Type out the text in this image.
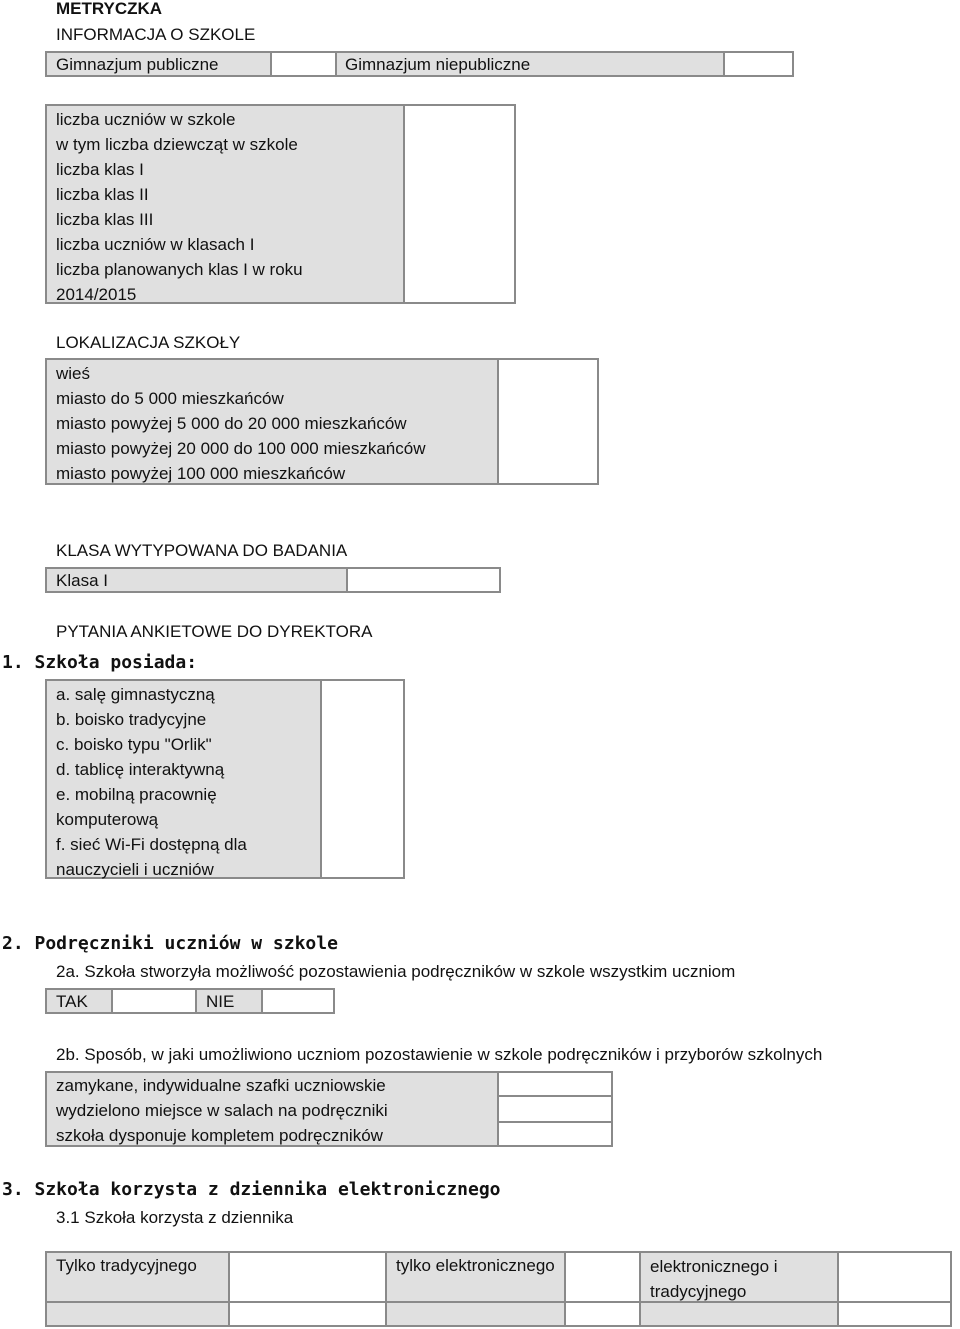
METRYCZKA
INFORMACJA O SZKOLE
Gimnazjum publiczne	Gimnazjum niepubliczne
liczba uczniów w szkole
w tym liczba dziewcząt w szkole
liczba klas I
liczba klas II
liczba klas III
liczba uczniów w klasach I
liczba planowanych klas I w roku
2014/2015
LOKALIZACJA SZKOŁY
wieś
miasto do 5 000 mieszkańców
miasto powyżej 5 000 do 20 000 mieszkańców
miasto powyżej 20 000 do 100 000 mieszkańców
miasto powyżej 100 000 mieszkańców
KLASA WYTYPOWANA DO BADANIA
Klasa I
PYTANIA ANKIETOWE DO DYREKTORA
1. Szkoła posiada:
a. salę gimnastyczną
b. boisko tradycyjne
c. boisko typu "Orlik"
d. tablicę interaktywną
e. mobilną pracownię
komputerową
f. sieć Wi-Fi dostępną dla
nauczycieli i uczniów
2. Podręczniki uczniów w szkole
2a. Szkoła stworzyła możliwość pozostawienia podręczników w szkole wszystkim uczniom
TAK	NIE
2b. Sposób, w jaki umożliwiono uczniom pozostawienie w szkole podręczników i przyborów szkolnych
zamykane, indywidualne szafki uczniowskie
wydzielono miejsce w salach na podręczniki
szkoła dysponuje kompletem podręczników
3. Szkoła korzysta z dziennika elektronicznego
3.1 Szkoła korzysta z dziennika
Tylko tradycyjnego	tylko elektronicznego	elektronicznego i
tradycyjnego
